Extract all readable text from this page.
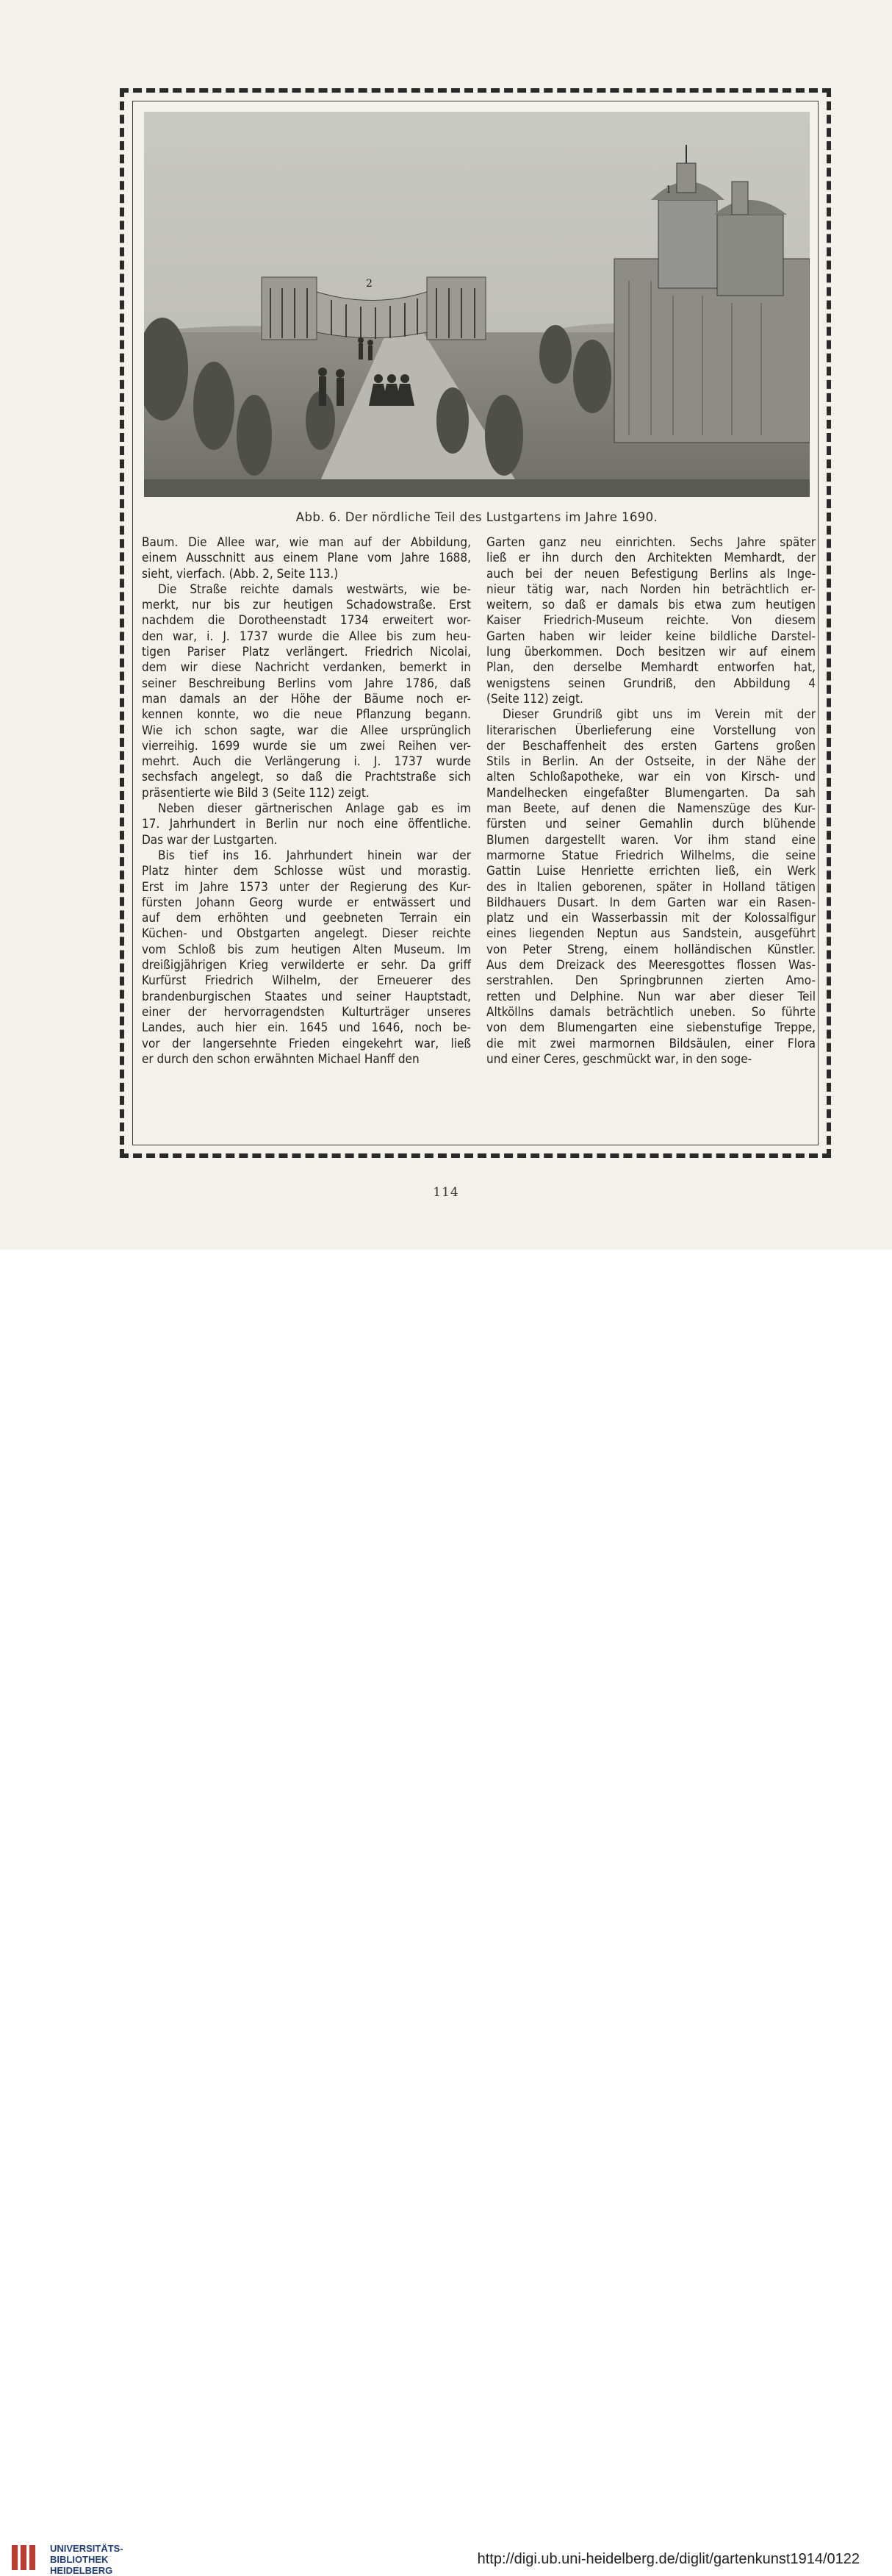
2
1
Abb. 6. Der nördliche Teil des Lustgartens im Jahre 1690.
Baum. Die Allee war, wie man auf der Abbildung,
einem Ausschnitt aus einem Plane vom Jahre 1688,
sieht, vierfach. (Abb. 2, Seite 113.)
Die Straße reichte damals westwärts, wie be-
merkt, nur bis zur heutigen Schadowstraße. Erst
nachdem die Dorotheenstadt 1734 erweitert wor-
den war, i. J. 1737 wurde die Allee bis zum heu-
tigen Pariser Platz verlängert. Friedrich Nicolai,
dem wir diese Nachricht verdanken, bemerkt in
seiner Beschreibung Berlins vom Jahre 1786, daß
man damals an der Höhe der Bäume noch er-
kennen konnte, wo die neue Pflanzung begann.
Wie ich schon sagte, war die Allee ursprünglich
vierreihig. 1699 wurde sie um zwei Reihen ver-
mehrt. Auch die Verlängerung i. J. 1737 wurde
sechsfach angelegt, so daß die Prachtstraße sich
präsentierte wie Bild 3 (Seite 112) zeigt.
Neben dieser gärtnerischen Anlage gab es im
17. Jahrhundert in Berlin nur noch eine öffentliche.
Das war der Lustgarten.
Bis tief ins 16. Jahrhundert hinein war der
Platz hinter dem Schlosse wüst und morastig.
Erst im Jahre 1573 unter der Regierung des Kur-
fürsten Johann Georg wurde er entwässert und
auf dem erhöhten und geebneten Terrain ein
Küchen- und Obstgarten angelegt. Dieser reichte
vom Schloß bis zum heutigen Alten Museum. Im
dreißigjährigen Krieg verwilderte er sehr. Da griff
Kurfürst Friedrich Wilhelm, der Erneuerer des
brandenburgischen Staates und seiner Hauptstadt,
einer der hervorragendsten Kulturträger unseres
Landes, auch hier ein. 1645 und 1646, noch be-
vor der langersehnte Frieden eingekehrt war, ließ
er durch den schon erwähnten Michael Hanff den
Garten ganz neu einrichten. Sechs Jahre später
ließ er ihn durch den Architekten Memhardt, der
auch bei der neuen Befestigung Berlins als Inge-
nieur tätig war, nach Norden hin beträchtlich er-
weitern, so daß er damals bis etwa zum heutigen
Kaiser Friedrich-Museum reichte. Von diesem
Garten haben wir leider keine bildliche Darstel-
lung überkommen. Doch besitzen wir auf einem
Plan, den derselbe Memhardt entworfen hat,
wenigstens seinen Grundriß, den Abbildung 4
(Seite 112) zeigt.
Dieser Grundriß gibt uns im Verein mit der
literarischen Überlieferung eine Vorstellung von
der Beschaffenheit des ersten Gartens großen
Stils in Berlin. An der Ostseite, in der Nähe der
alten Schloßapotheke, war ein von Kirsch- und
Mandelhecken eingefaßter Blumengarten. Da sah
man Beete, auf denen die Namenszüge des Kur-
fürsten und seiner Gemahlin durch blühende
Blumen dargestellt waren. Vor ihm stand eine
marmorne Statue Friedrich Wilhelms, die seine
Gattin Luise Henriette errichten ließ, ein Werk
des in Italien geborenen, später in Holland tätigen
Bildhauers Dusart. In dem Garten war ein Rasen-
platz und ein Wasserbassin mit der Kolossalfigur
eines liegenden Neptun aus Sandstein, ausgeführt
von Peter Streng, einem holländischen Künstler.
Aus dem Dreizack des Meeresgottes flossen Was-
serstrahlen. Den Springbrunnen zierten Amo-
retten und Delphine. Nun war aber dieser Teil
Altköllns damals beträchtlich uneben. So führte
von dem Blumengarten eine siebenstufige Treppe,
die mit zwei marmornen Bildsäulen, einer Flora
und einer Ceres, geschmückt war, in den soge-
114
UNIVERSITÄTS-
BIBLIOTHEK
HEIDELBERG
http://digi.ub.uni-heidelberg.de/diglit/gartenkunst1914/0122
